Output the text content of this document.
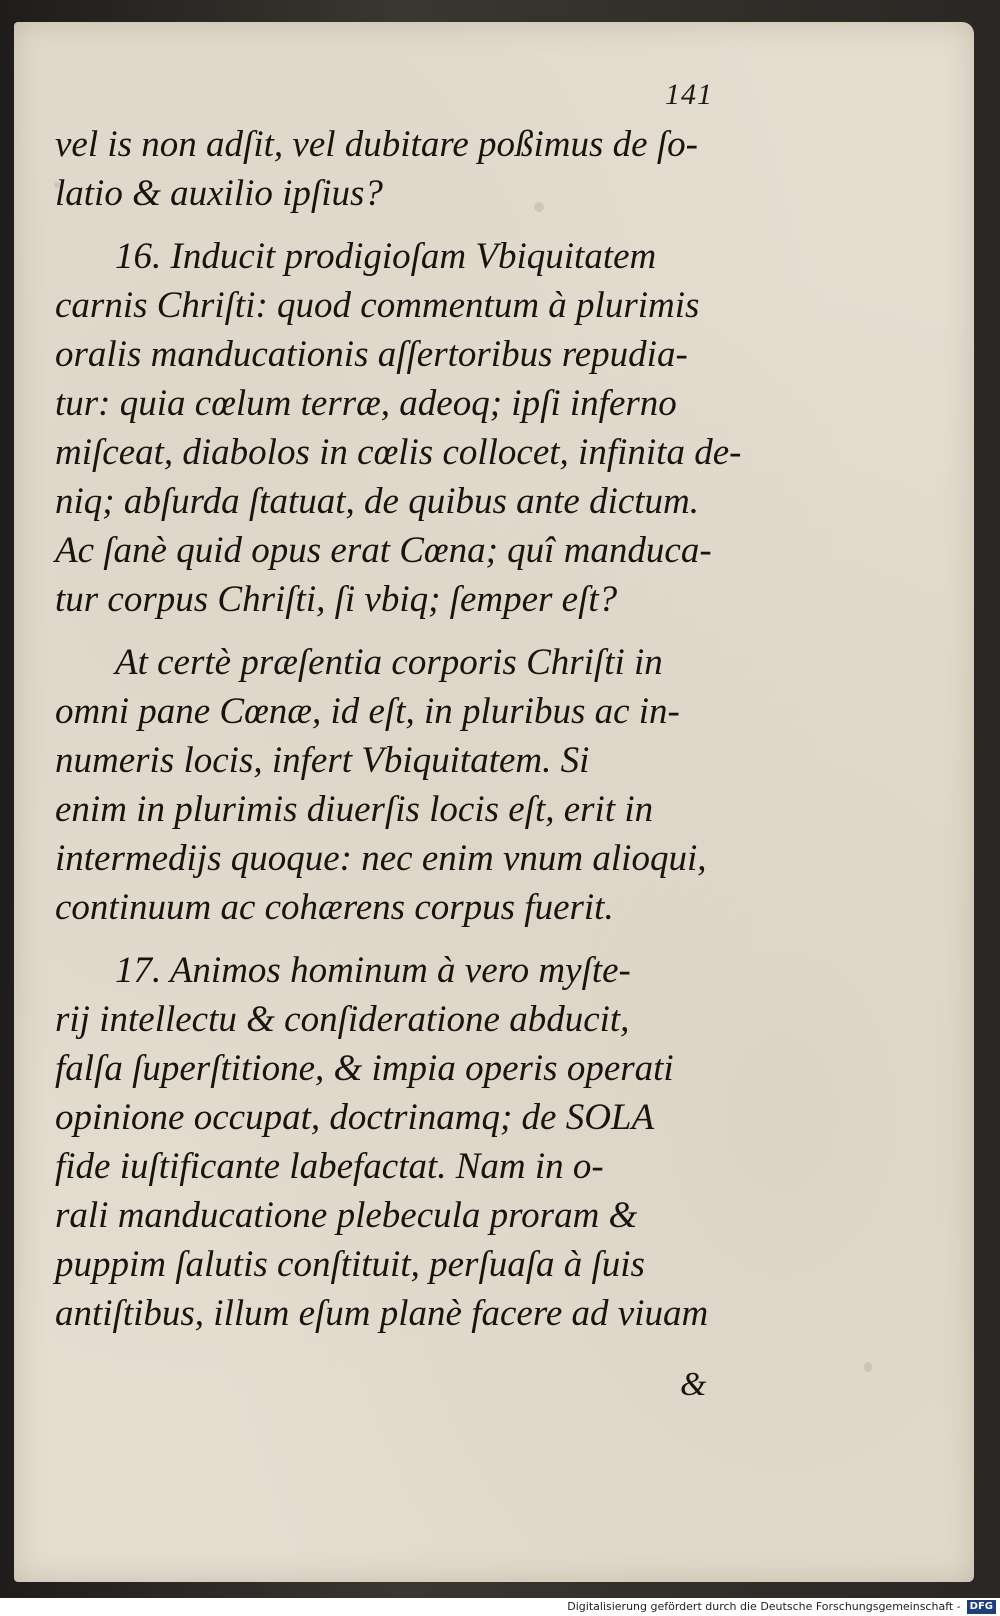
141
vel is non adſit, vel dubitare poßimus de ſo-
latio & auxilio ipſius?
16. Inducit prodigioſam Vbiquitatem
carnis Chriſti: quod commentum à plurimis
oralis manducationis aſſertoribus repudia-
tur: quia cœlum terræ, adeoq; ipſi inferno
miſceat, diabolos in cœlis collocet, infinita de-
niq; abſurda ſtatuat, de quibus ante dictum.
Ac ſanè quid opus erat Cœna; quî manduca-
tur corpus Chriſti, ſi vbiq; ſemper eſt?
At certè præſentia corporis Chriſti in
omni pane Cœnæ, id eſt, in pluribus ac in-
numeris locis, infert Vbiquitatem. Si
enim in plurimis diuerſis locis eſt, erit in
intermedijs quoque: nec enim vnum alioqui,
continuum ac cohærens corpus fuerit.
17. Animos hominum à vero myſte-
rij intellectu & conſideratione abducit,
falſa ſuperſtitione, & impia operis operati
opinione occupat, doctrinamq; de SOLA
fide iuſtificante labefactat. Nam in o-
rali manducatione plebecula proram &
puppim ſalutis conſtituit, perſuaſa à ſuis
antiſtibus, illum eſum planè facere ad viuam
&
Digitalisierung gefördert durch die Deutsche Forschungsgemeinschaft - DFG
